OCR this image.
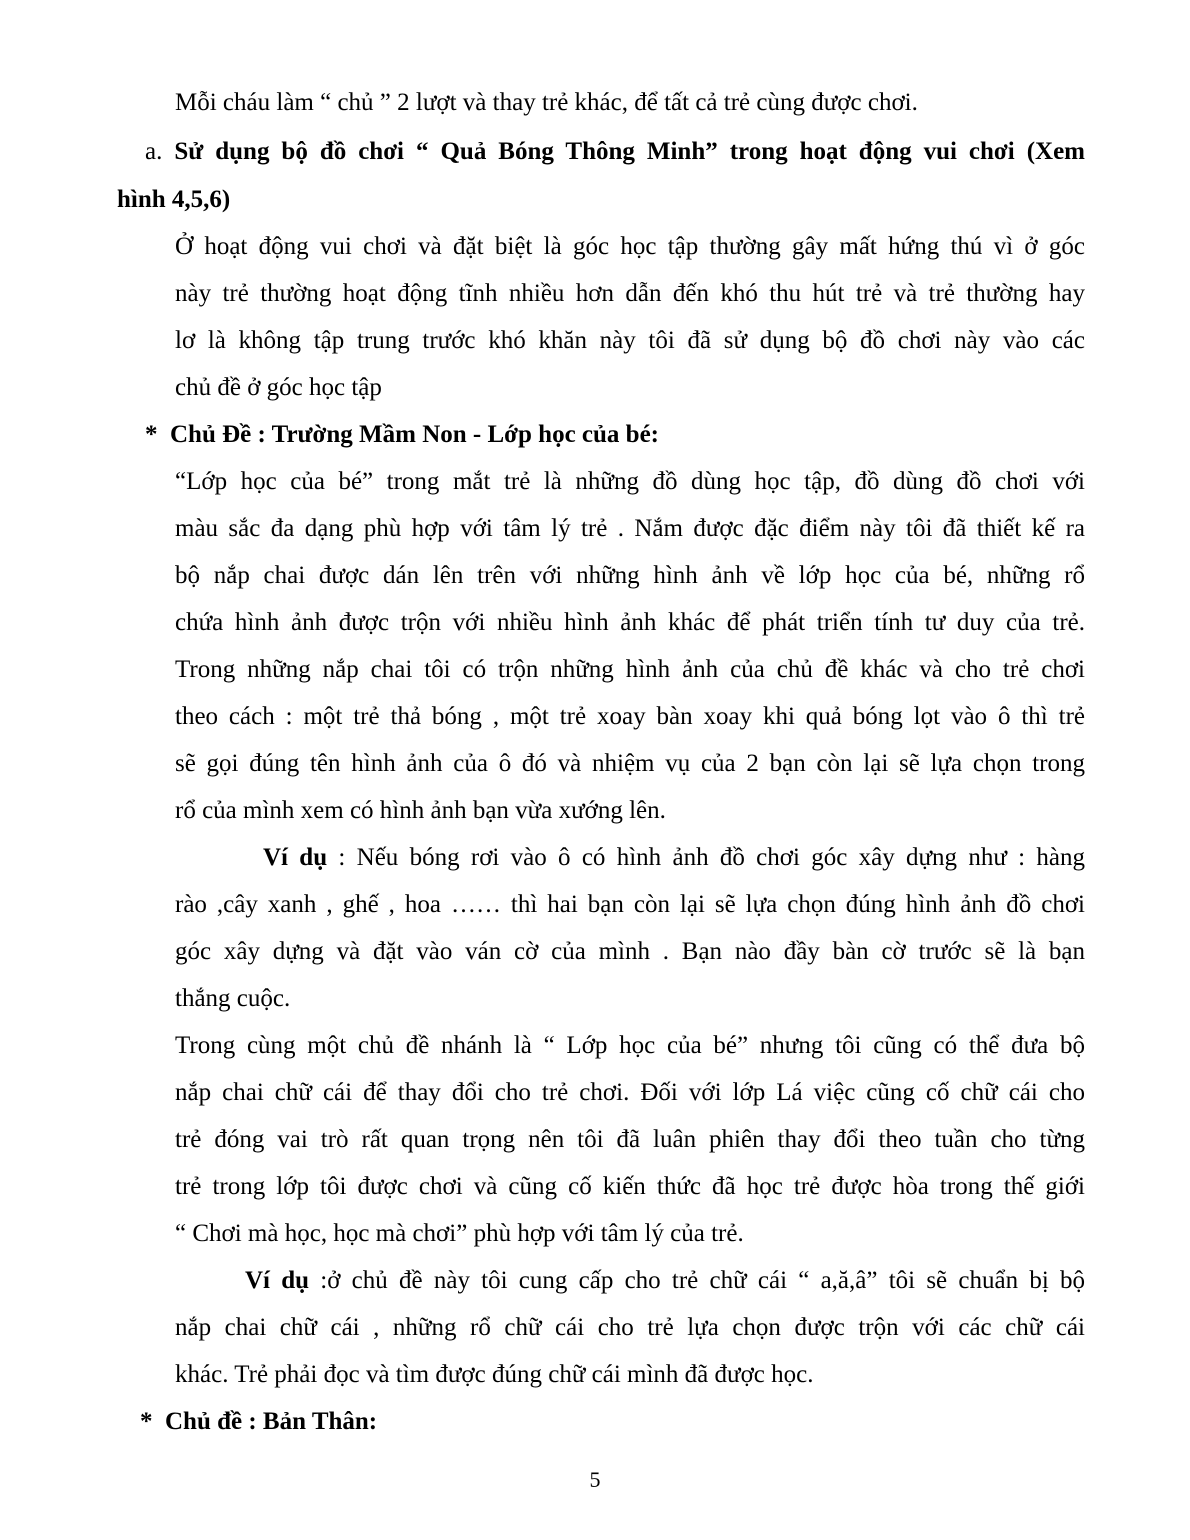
Mỗi cháu làm “ chủ ” 2 lượt và thay trẻ khác, để tất cả trẻ cùng được chơi.
a. Sử dụng bộ đồ chơi “ Quả Bóng Thông Minh” trong hoạt động vui chơi (Xem
hình 4,5,6)
Ở hoạt động vui chơi và đặt biệt là góc học tập thường gây mất hứng thú vì ở góc
này trẻ thường hoạt động tĩnh nhiều hơn dẫn đến khó thu hút trẻ và trẻ thường hay
lơ là không tập trung trước khó khăn này tôi đã sử dụng bộ đồ chơi này vào các
chủ đề ở góc học tập
* Chủ Đề : Trường Mầm Non - Lớp học của bé:
“Lớp học của bé” trong mắt trẻ là những đồ dùng học tập, đồ dùng đồ chơi với
màu sắc đa dạng phù hợp với tâm lý trẻ . Nắm được đặc điểm này tôi đã thiết kế ra
bộ nắp chai được dán lên trên với những hình ảnh về lớp học của bé, những rổ
chứa hình ảnh được trộn với nhiều hình ảnh khác để phát triển tính tư duy của trẻ.
Trong những nắp chai tôi có trộn những hình ảnh của chủ đề khác và cho trẻ chơi
theo cách : một trẻ thả bóng , một trẻ xoay bàn xoay khi quả bóng lọt vào ô thì trẻ
sẽ gọi đúng tên hình ảnh của ô đó và nhiệm vụ của 2 bạn còn lại sẽ lựa chọn trong
rổ của mình xem có hình ảnh bạn vừa xướng lên.
Ví dụ : Nếu bóng rơi vào ô có hình ảnh đồ chơi góc xây dựng như : hàng
rào ,cây xanh , ghế , hoa …… thì hai bạn còn lại sẽ lựa chọn đúng hình ảnh đồ chơi
góc xây dựng và đặt vào ván cờ của mình . Bạn nào đầy bàn cờ trước sẽ là bạn
thắng cuộc.
Trong cùng một chủ đề nhánh là “ Lớp học của bé” nhưng tôi cũng có thể đưa bộ
nắp chai chữ cái để thay đổi cho trẻ chơi. Đối với lớp Lá việc cũng cố chữ cái cho
trẻ đóng vai trò rất quan trọng nên tôi đã luân phiên thay đổi theo tuần cho từng
trẻ trong lớp tôi được chơi và cũng cố kiến thức đã học trẻ được hòa trong thế giới
“ Chơi mà học, học mà chơi” phù hợp với tâm lý của trẻ.
Ví dụ :ở chủ đề này tôi cung cấp cho trẻ chữ cái “ a,ă,â” tôi sẽ chuẩn bị bộ
nắp chai chữ cái , những rổ chữ cái cho trẻ lựa chọn được trộn với các chữ cái
khác. Trẻ phải đọc và tìm được đúng chữ cái mình đã được học.
* Chủ đề : Bản Thân:
5
